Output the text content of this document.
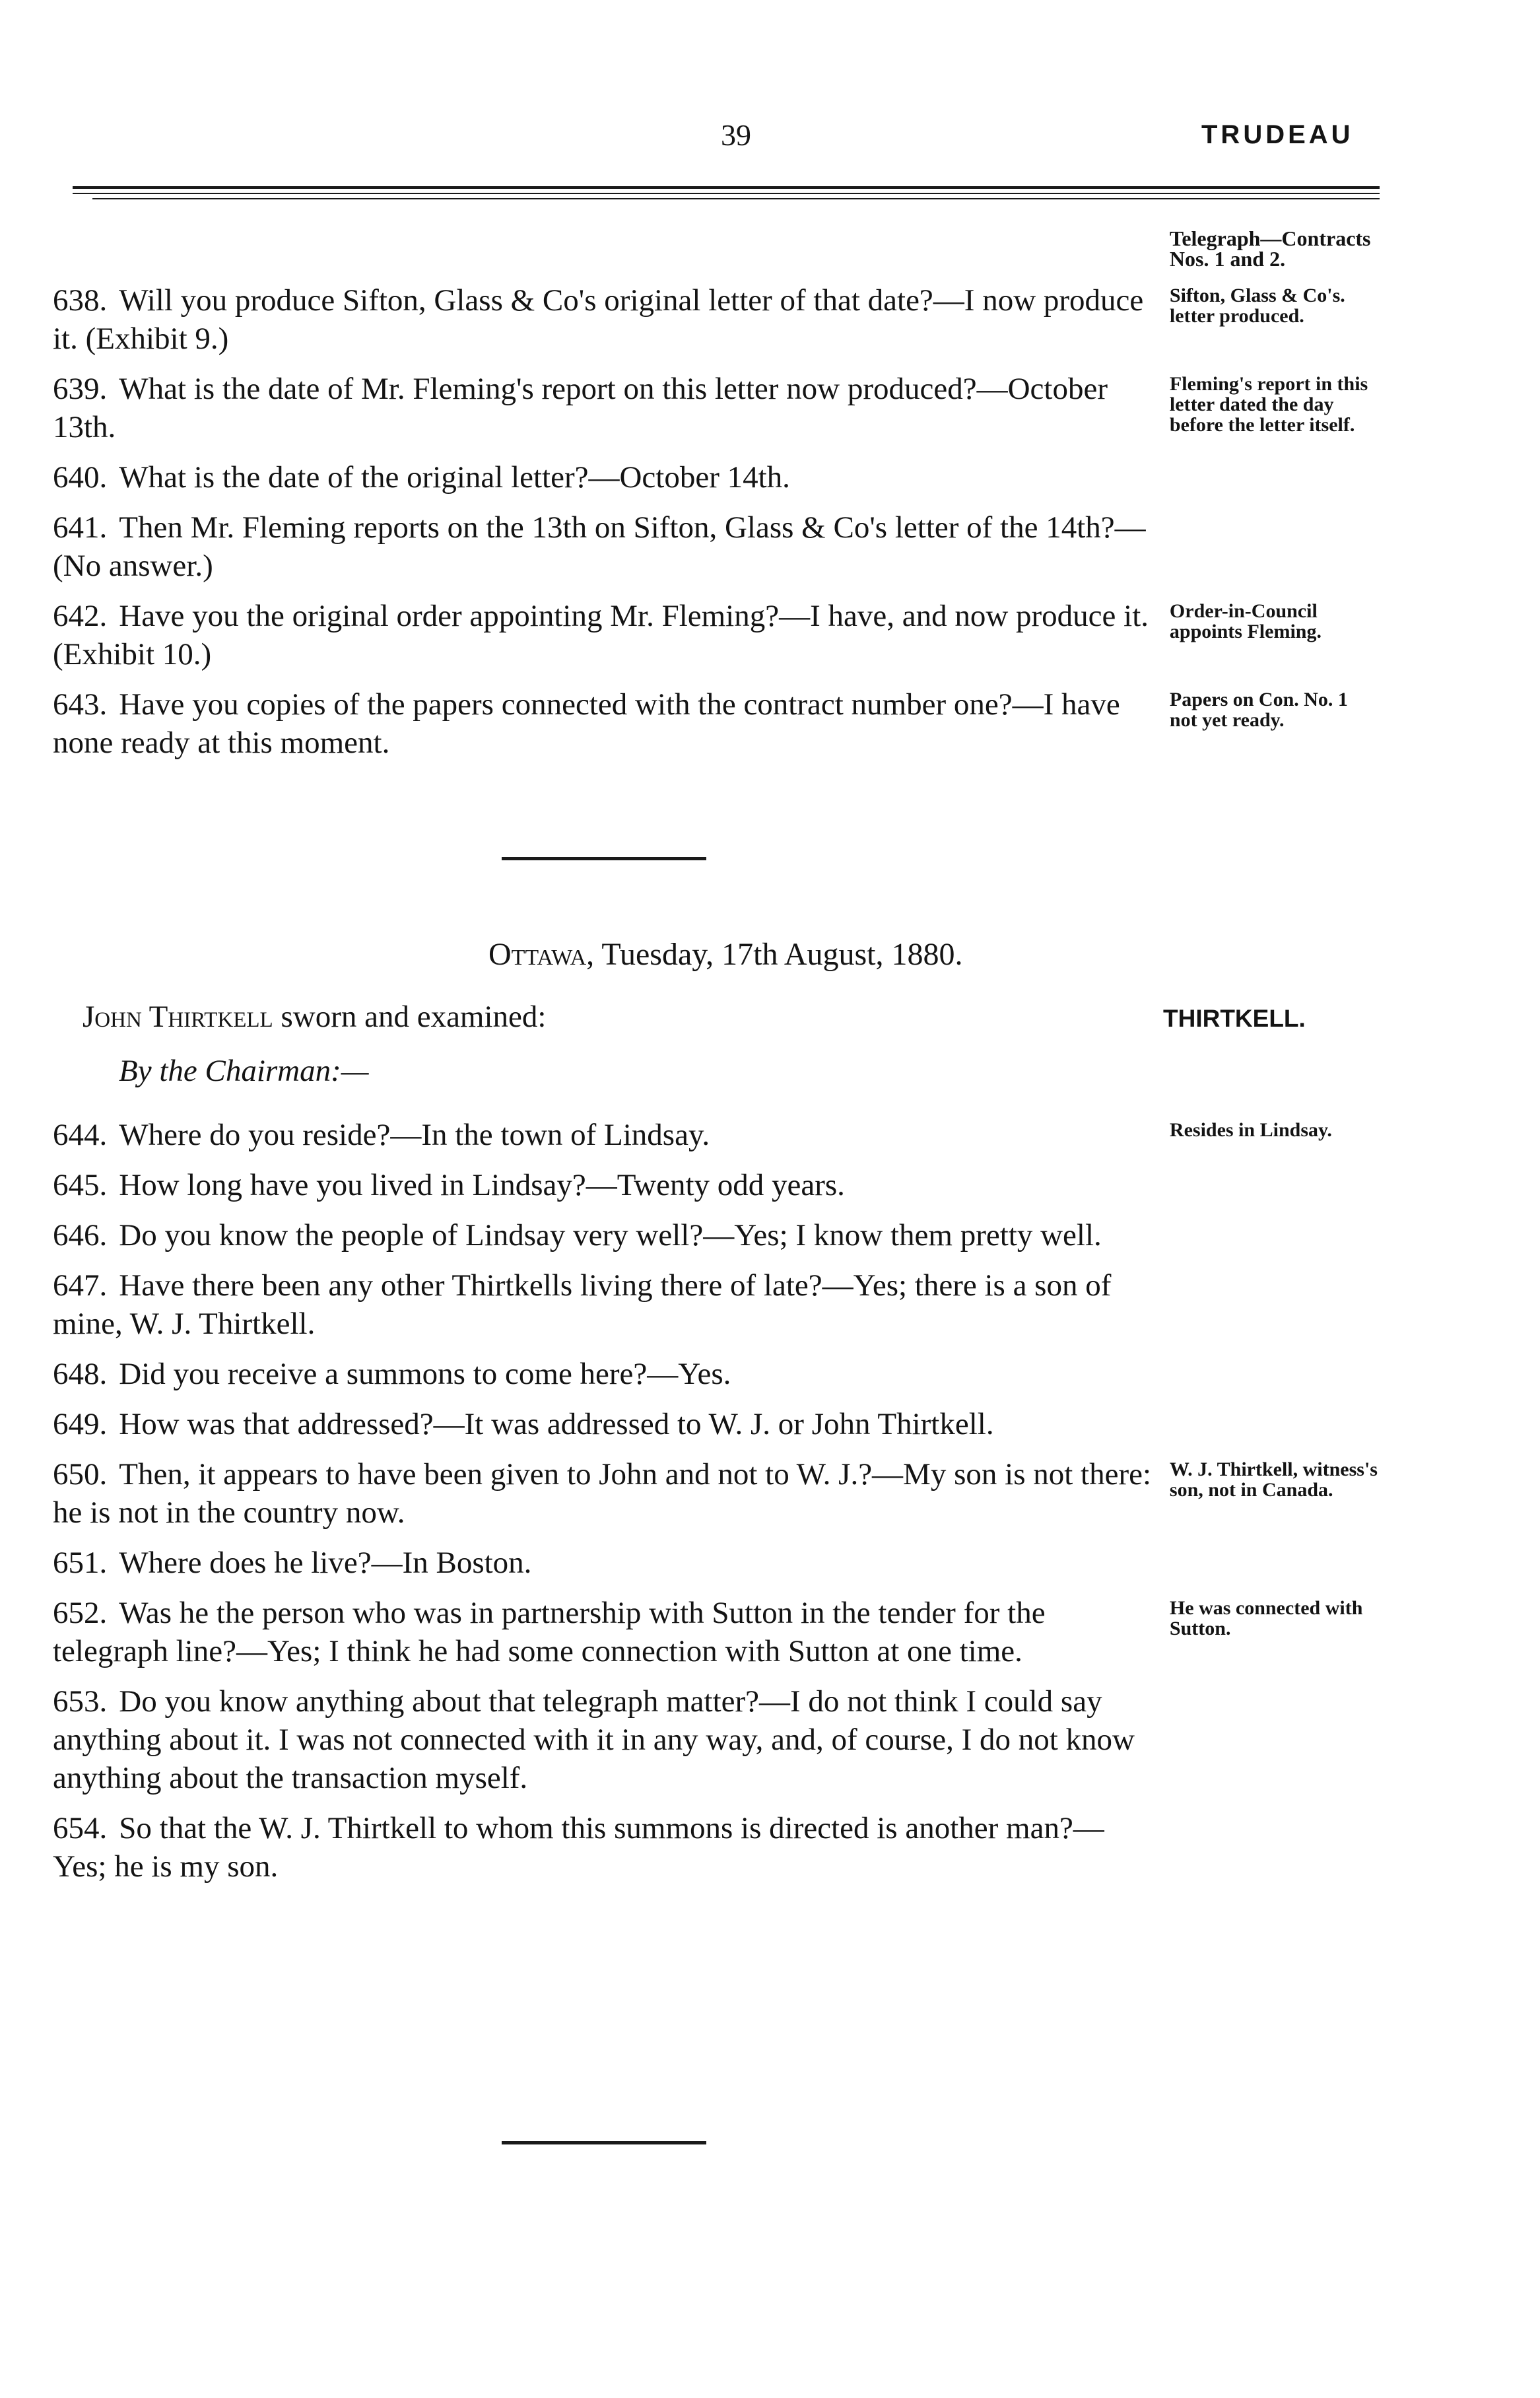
39	TRUDEAU
Telegraph—Contracts Nos. 1 and 2.
638. Will you produce Sifton, Glass & Co's original letter of that date?—I now produce it. (Exhibit 9.)
Sifton, Glass & Co's. letter produced.
639. What is the date of Mr. Fleming's report on this letter now produced?—October 13th.
Fleming's report in this letter dated the day before the letter itself.
640. What is the date of the original letter?—October 14th.
641. Then Mr. Fleming reports on the 13th on Sifton, Glass & Co's letter of the 14th?—(No answer.)
642. Have you the original order appointing Mr. Fleming?—I have, and now produce it. (Exhibit 10.)
Order-in-Council appoints Fleming.
643. Have you copies of the papers connected with the contract number one?—I have none ready at this moment.
Papers on Con. No. 1 not yet ready.
Ottawa, Tuesday, 17th August, 1880.
John Thirtkell sworn and examined:	THIRTKELL.
By the Chairman:—
644. Where do you reside?—In the town of Lindsay.	Resides in Lindsay.
645. How long have you lived in Lindsay?—Twenty odd years.
646. Do you know the people of Lindsay very well?—Yes; I know them pretty well.
647. Have there been any other Thirtkells living there of late?—Yes; there is a son of mine, W. J. Thirtkell.
648. Did you receive a summons to come here?—Yes.
649. How was that addressed?—It was addressed to W. J. or John Thirtkell.
650. Then, it appears to have been given to John and not to W. J.?—My son is not there: he is not in the country now.
W. J. Thirtkell, witness's son, not in Canada.
651. Where does he live?—In Boston.
652. Was he the person who was in partnership with Sutton in the tender for the telegraph line?—Yes; I think he had some connection with Sutton at one time.
He was connected with Sutton.
653. Do you know anything about that telegraph matter?—I do not think I could say anything about it. I was not connected with it in any way, and, of course, I do not know anything about the transaction myself.
654. So that the W. J. Thirtkell to whom this summons is directed is another man?—Yes; he is my son.
